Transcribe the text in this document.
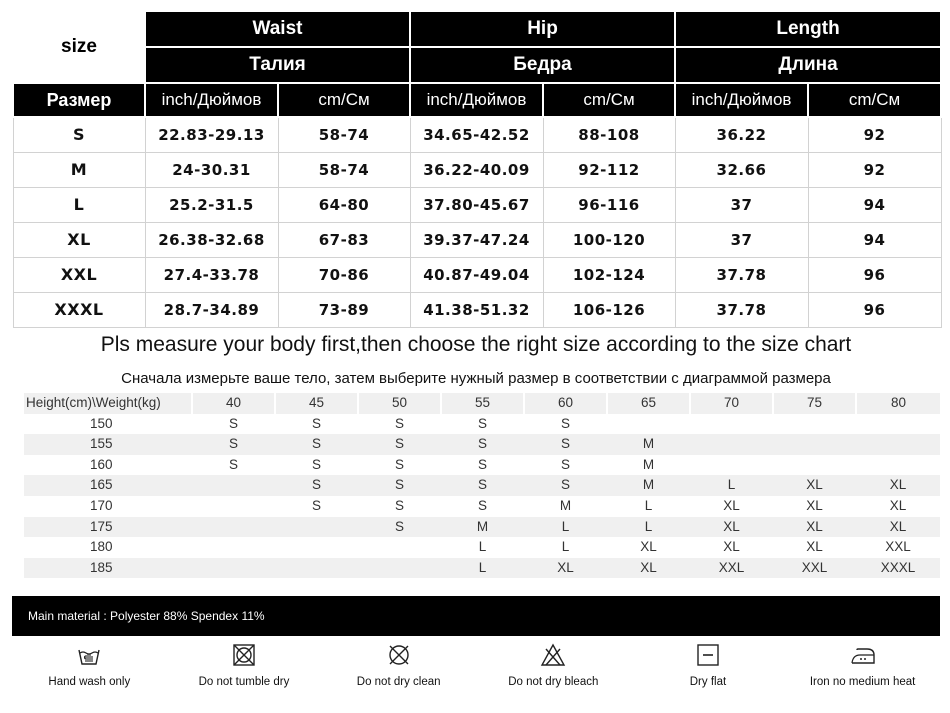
size	Waist		Hip		Length	
	Талия		Бедра		Длина	
Размер	inch/Дюймов	cm/См	inch/Дюймов	cm/См	inch/Дюймов	cm/См
S	22.83-29.13	58-74	34.65-42.52	88-108	36.22	92
M	24-30.31	58-74	36.22-40.09	92-112	32.66	92
L	25.2-31.5	64-80	37.80-45.67	96-116	37	94
XL	26.38-32.68	67-83	39.37-47.24	100-120	37	94
XXL	27.4-33.78	70-86	40.87-49.04	102-124	37.78	96
XXXL	28.7-34.89	73-89	41.38-51.32	106-126	37.78	96
Pls measure your body first,then choose the right size according to the size chart
Сначала измерьте ваше тело, затем выберите нужный размер в соответствии с диаграммой размера
Height(cm)\Weight(kg)	40	45	50	55	60	65	70	75	80
150	S	S	S	S	S				
155	S	S	S	S	S	M			
160	S	S	S	S	S	M			
165		S	S	S	S	M	L	XL	XL
170		S	S	S	M	L	XL	XL	XL
175			S	M	L	L	XL	XL	XL
180				L	L	XL	XL	XL	XXL
185				L	XL	XL	XXL	XXL	XXXL
Main material : Polyester 88% Spendex 11%
Hand wash only	Do not tumble dry	Do not dry clean	Do not dry bleach	Dry flat	Iron no medium heat
